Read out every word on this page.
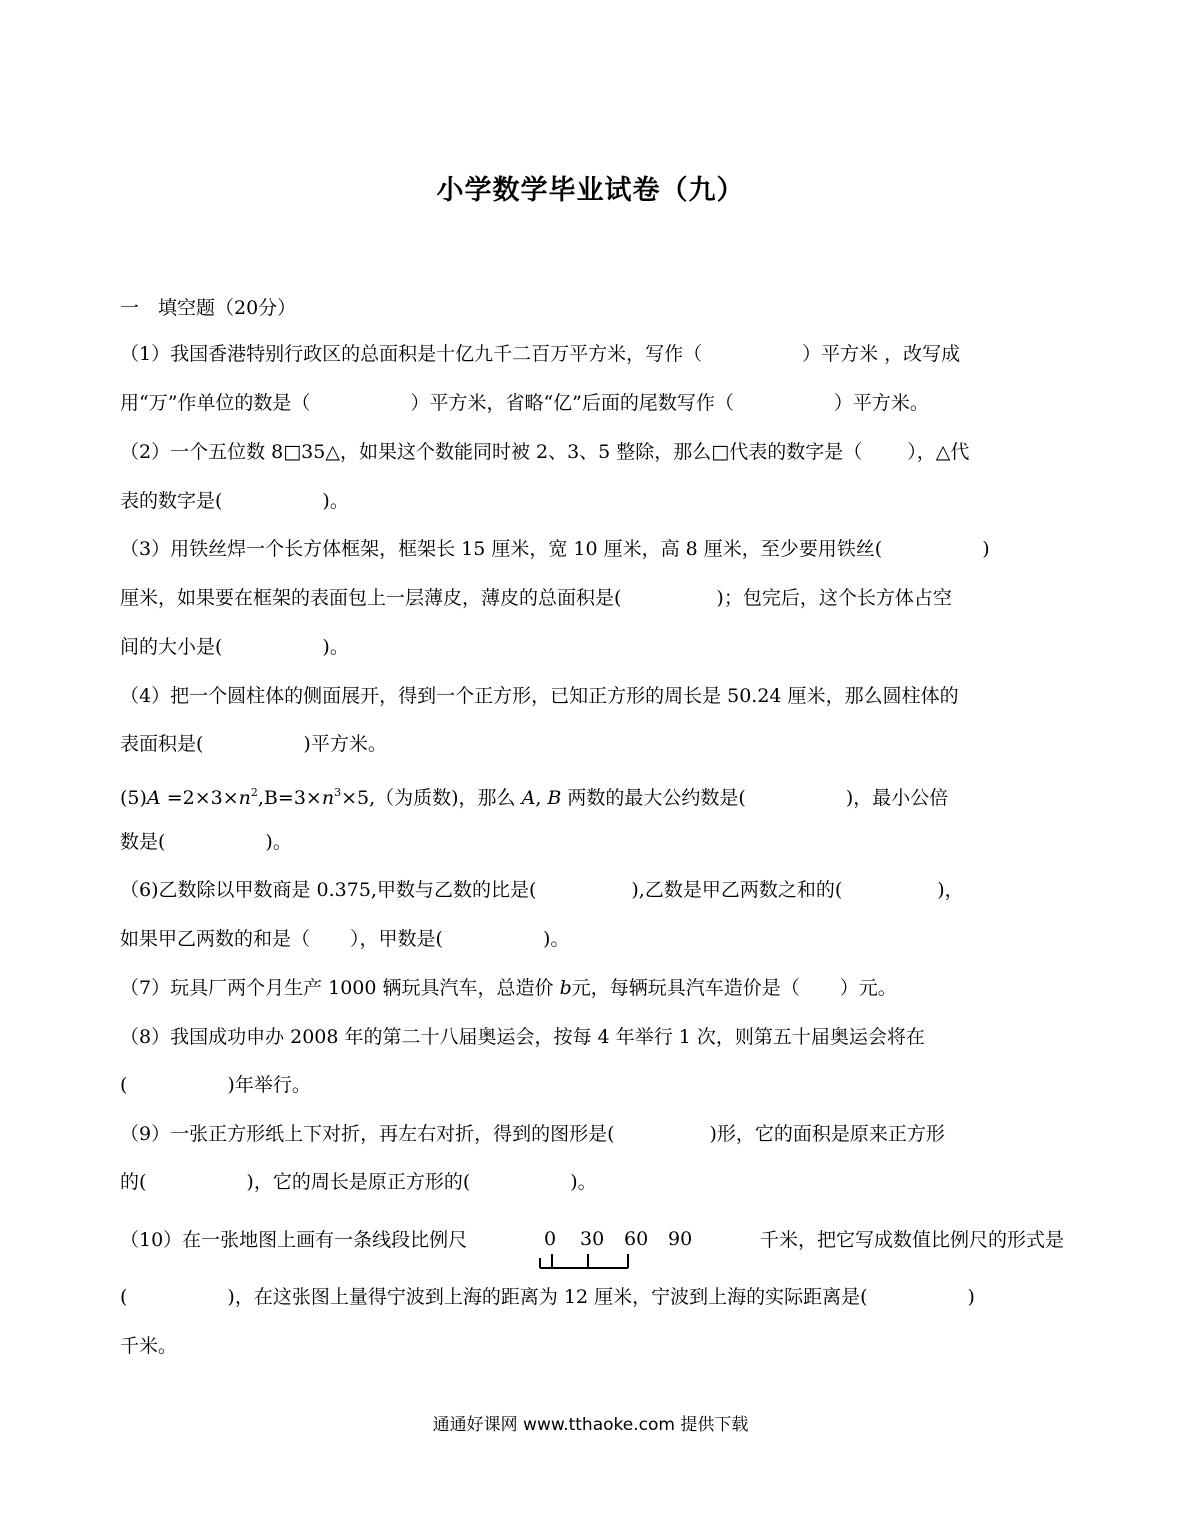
小学数学毕业试卷（九）
一　填空题（20分）
（1）我国香港特别行政区的总面积是十亿九千二百万平方米，写作（	）平方米 ，改写成
用“万”作单位的数是（	）平方米，省略“亿”后面的尾数写作（	）平方米。
（2）一个五位数 8□35△，如果这个数能同时被 2、3、5 整除，那么□代表的数字是（ ），△代
表的数字是(	)。
（3）用铁丝焊一个长方体框架，框架长 15 厘米，宽 10 厘米，高 8 厘米，至少要用铁丝(	)
厘米，如果要在框架的表面包上一层薄皮，薄皮的总面积是(	)；包完后，这个长方体占空
间的大小是(	)。
（4）把一个圆柱体的侧面展开，得到一个正方形，已知正方形的周长是 50.24 厘米，那么圆柱体的
表面积是(	)平方米。
$(5)A =2\times 3\times n^2,B=3\times n^3\times 5$,（为质数)，那么 A, B 两数的最大公约数是(	)，最小公倍
数是(	)。
（6)乙数除以甲数商是 0.375,甲数与乙数的比是(	),乙数是甲乙两数之和的(	)，
如果甲乙两数的和是（ ），甲数是(	)。
（7）玩具厂两个月生产 1000 辆玩具汽车，总造价 b元，每辆玩具汽车造价是（ ）元。
（8）我国成功申办 2008 年的第二十八届奥运会，按每 4 年举行 1 次，则第五十届奥运会将在
(	)年举行。
（9）一张正方形纸上下对折，再左右对折，得到的图形是(	)形，它的面积是原来正方形
的(	)，它的周长是原正方形的(	)。
（10）在一张地图上画有一条线段比例尺	0 30 60 90	千米，把它写成数值比例尺的形式是
(	)，在这张图上量得宁波到上海的距离为 12 厘米，宁波到上海的实际距离是(	)
千米。
通通好课网 www.tthaoke.com 提供下载
